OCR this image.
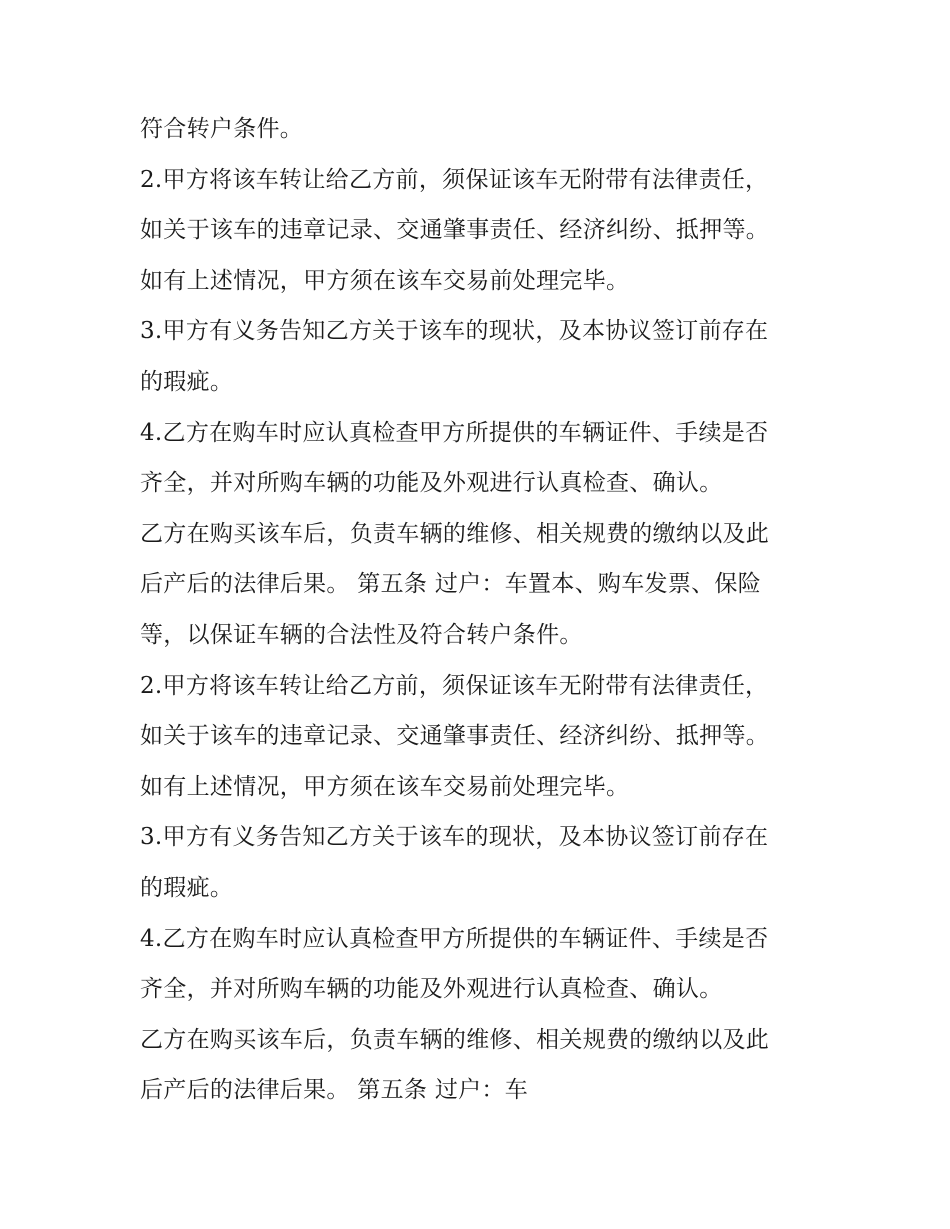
符合转户条件。
2.甲方将该车转让给乙方前，须保证该车无附带有法律责任，
如关于该车的违章记录、交通肇事责任、经济纠纷、抵押等。
如有上述情况，甲方须在该车交易前处理完毕。
3.甲方有义务告知乙方关于该车的现状，及本协议签订前存在
的瑕疵。
4.乙方在购车时应认真检查甲方所提供的车辆证件、手续是否
齐全，并对所购车辆的功能及外观进行认真检查、确认。
乙方在购买该车后，负责车辆的维修、相关规费的缴纳以及此
后产后的法律后果。 第五条 过户：车置本、购车发票、保险
等，以保证车辆的合法性及符合转户条件。
2.甲方将该车转让给乙方前，须保证该车无附带有法律责任，
如关于该车的违章记录、交通肇事责任、经济纠纷、抵押等。
如有上述情况，甲方须在该车交易前处理完毕。
3.甲方有义务告知乙方关于该车的现状，及本协议签订前存在
的瑕疵。
4.乙方在购车时应认真检查甲方所提供的车辆证件、手续是否
齐全，并对所购车辆的功能及外观进行认真检查、确认。
乙方在购买该车后，负责车辆的维修、相关规费的缴纳以及此
后产后的法律后果。 第五条 过户：车
